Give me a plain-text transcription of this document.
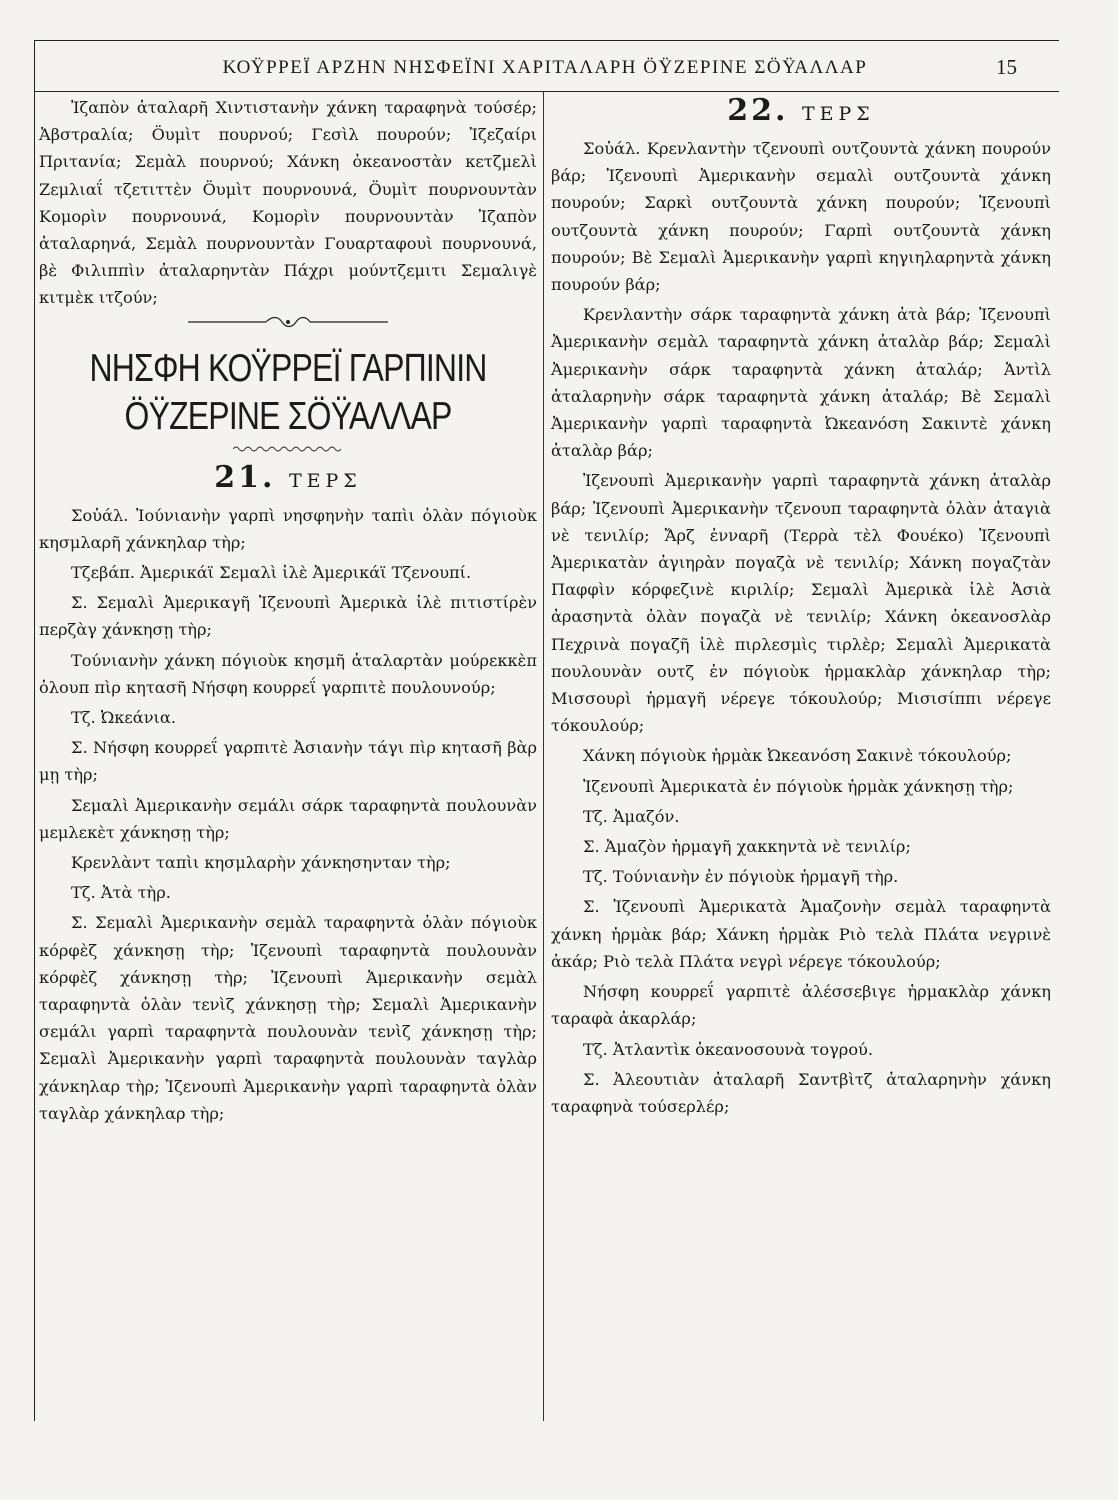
ΚΟΫΡΡΕΪ ΑΡΖΗΝ ΝΗΣΦΕΪΝΙ ΧΑΡΙΤΑΛΑΡΗ ÖΫΖΕΡΙΝΕ ΣÖΫΑΛΛΑΡ	15

Ἰζαπὸν ἀταλαρῆ Χιντιστανὴν χάνκη ταραφηνὰ τούσέρ; Ἀβστραλία; Öυμὶτ πουρνού; Γεσὶλ πουρούν; Ἰζεζαίρι Πριτανία; Σεμὰλ πουρνού; Χάνκη ὀκεανοστὰν κετζμελὶ Ζεμλιαΐ τζετιττὲν Öυμὶτ πουρνουνά, Öυμὶτ πουρνουντὰν Κομορὶν πουρνουνά, Κομορὶν πουρνουντὰν Ἰζαπὸν ἀταλαρηνά, Σεμὰλ πουρνουντὰν Γουαρταφουὶ πουρνουνά, βὲ Φιλιππὶν ἀταλαρηντὰν Πάχρι μούντζεμιτι Σεμαλιγὲ κιτμὲκ ιτζούν;

ΝΗΣΦΗ ΚΟΫΡΡΕΪ ΓΑΡΠΙΝΙΝ
ÖΫΖΕΡΙΝΕ ΣÖΫΑΛΛΑΡ
21. ΤΕΡΣ

Σοὐάλ. Ἰούνιανὴν γαρπὶ νησφηνὴν ταπὶι ὀλὰν πόγιοὺκ κησμλαρῆ χάνκηλαρ τὴρ;

Τζεβάπ. Ἀμερικάϊ Σεμαλὶ ἰλὲ Ἀμερικάϊ Τζενουπί.

Σ. Σεμαλὶ Ἀμερικαγῆ Ἰζενουπὶ Ἀμερικὰ ἰλὲ πιτιστίρὲν περζὰγ χάνκησῃ τὴρ;

Τούνιανὴν χάνκη πόγιοὺκ κησμῆ ἀταλαρτὰν μούρεκκὲπ ὀλουπ πὶρ κητασῆ Νήσφη κουρρεΐ γαρπιτὲ πουλουνούρ;

Τζ. Ὠκεάνια.

Σ. Νήσφη κουρρεΐ γαρπιτὲ Ἀσιανὴν τάγι πὶρ κητασῆ βὰρ μῃ τὴρ;

Σεμαλὶ Ἀμερικανὴν σεμάλι σάρκ ταραφηντὰ πουλουνὰν μεμλεκὲτ χάνκησῃ τὴρ;

Κρενλὰντ ταπὶι κησμλαρὴν χάνκησηνταν τὴρ;

Τζ. Ἀτὰ τὴρ.

Σ. Σεμαλὶ Ἀμερικανὴν σεμὰλ ταραφηντὰ ὀλὰν πόγιοὺκ κόρφὲζ χάνκησῃ τὴρ; Ἰζενουπὶ ταραφηντὰ πουλουνὰν κόρφὲζ χάνκησῃ τὴρ; Ἰζενουπὶ Ἀμερικανὴν σεμὰλ ταραφηντὰ ὀλὰν τενὶζ χάνκησῃ τὴρ; Σεμαλὶ Ἀμερικανὴν σεμάλι γαρπὶ ταραφηντὰ πουλουνὰν τενὶζ χάνκησῃ τὴρ; Σεμαλὶ Ἀμερικανὴν γαρπὶ ταραφηντὰ πουλουνὰν ταγλὰρ χάνκηλαρ τὴρ; Ἰζενουπὶ Ἀμερικανὴν γαρπὶ ταραφηντὰ ὀλὰν ταγλὰρ χάνκηλαρ τὴρ;

22. ΤΕΡΣ

Σοὐάλ. Κρενλαντὴν τζενουπὶ ουτζουντὰ χάνκη πουρούν βάρ; Ἰζενουπὶ Ἀμερικανὴν σεμαλὶ ουτζουντὰ χάνκη πουρούν; Σαρκὶ ουτζουντὰ χάνκη πουρούν; Ἰζενουπὶ ουτζουντὰ χάνκη πουρούν; Γαρπὶ ουτζουντὰ χάνκη πουρούν; Βὲ Σεμαλὶ Ἀμερικανὴν γαρπὶ κηγιηλαρηντὰ χάνκη πουρούν βάρ;

Κρενλαντὴν σάρκ ταραφηντὰ χάνκη ἀτὰ βάρ; Ἰζενουπὶ Ἀμερικανὴν σεμὰλ ταραφηντὰ χάνκη ἀταλὰρ βάρ; Σεμαλὶ Ἀμερικανὴν σάρκ ταραφηντὰ χάνκη ἀταλάρ; Ἀντὶλ ἀταλαρηνὴν σάρκ ταραφηντὰ χάνκη ἀταλάρ; Βὲ Σεμαλὶ Ἀμερικανὴν γαρπὶ ταραφηντὰ Ὠκεανόση Σακιντὲ χάνκη ἀταλὰρ βάρ;

Ἰζενουπὶ Ἀμερικανὴν γαρπὶ ταραφηντὰ χάνκη ἀταλὰρ βάρ; Ἰζενουπὶ Ἀμερικανὴν τζενουπ ταραφηντὰ ὀλὰν ἀταγιὰ νὲ τενιλίρ; Ἄρζ ἐνναρῆ (Τερρὰ τὲλ Φουέκο) Ἰζενουπὶ Ἀμερικατὰν ἀγιηρὰν πογαζὰ νὲ τενιλίρ; Χάνκη πογαζτὰν Παφφὶν κόρφεζινὲ κιριλίρ; Σεμαλὶ Ἀμερικὰ ἰλὲ Ἀσιὰ ἀρασηντὰ ὀλὰν πογαζὰ νὲ τενιλίρ; Χάνκη ὀκεανοσλὰρ Πεχρινὰ πογαζῆ ἰλὲ πιρλεσμὶς τιρλὲρ; Σεμαλὶ Ἀμερικατὰ πουλουνὰν ουτζ ἐν πόγιοὺκ ἡρμακλὰρ χάνκηλαρ τὴρ; Μισσουρὶ ἡρμαγῆ νέρεγε τόκουλούρ; Μισισίππι νέρεγε τόκουλούρ;

Χάνκη πόγιοὺκ ἡρμὰκ Ὠκεανόση Σακινὲ τόκουλούρ;

Ἰζενουπὶ Ἀμερικατὰ ἐν πόγιοὺκ ἡρμὰκ χάνκησῃ τὴρ;

Τζ. Ἀμαζόν.

Σ. Ἀμαζὸν ἡρμαγῆ χακκηντὰ νὲ τενιλίρ;

Τζ. Τούνιανὴν ἐν πόγιοὺκ ἡρμαγῆ τὴρ.

Σ. Ἰζενουπὶ Ἀμερικατὰ Ἀμαζονὴν σεμὰλ ταραφηντὰ χάνκη ἡρμὰκ βάρ; Χάνκη ἡρμὰκ Ριὸ τελὰ Πλάτα νεγρινὲ ἀκάρ; Ριὸ τελὰ Πλάτα νεγρὶ νέρεγε τόκουλούρ;

Νήσφη κουρρεΐ γαρπιτὲ ἀλέσσεβιγε ἡρμακλὰρ χάνκη ταραφὰ ἀκαρλάρ;

Τζ. Ἀτλαντὶκ ὀκεανοσουνὰ τογρού.

Σ. Ἀλεουτιὰν ἀταλαρῆ Σαντβὶτζ ἀταλαρηνὴν χάνκη ταραφηνὰ τούσερλέρ;
